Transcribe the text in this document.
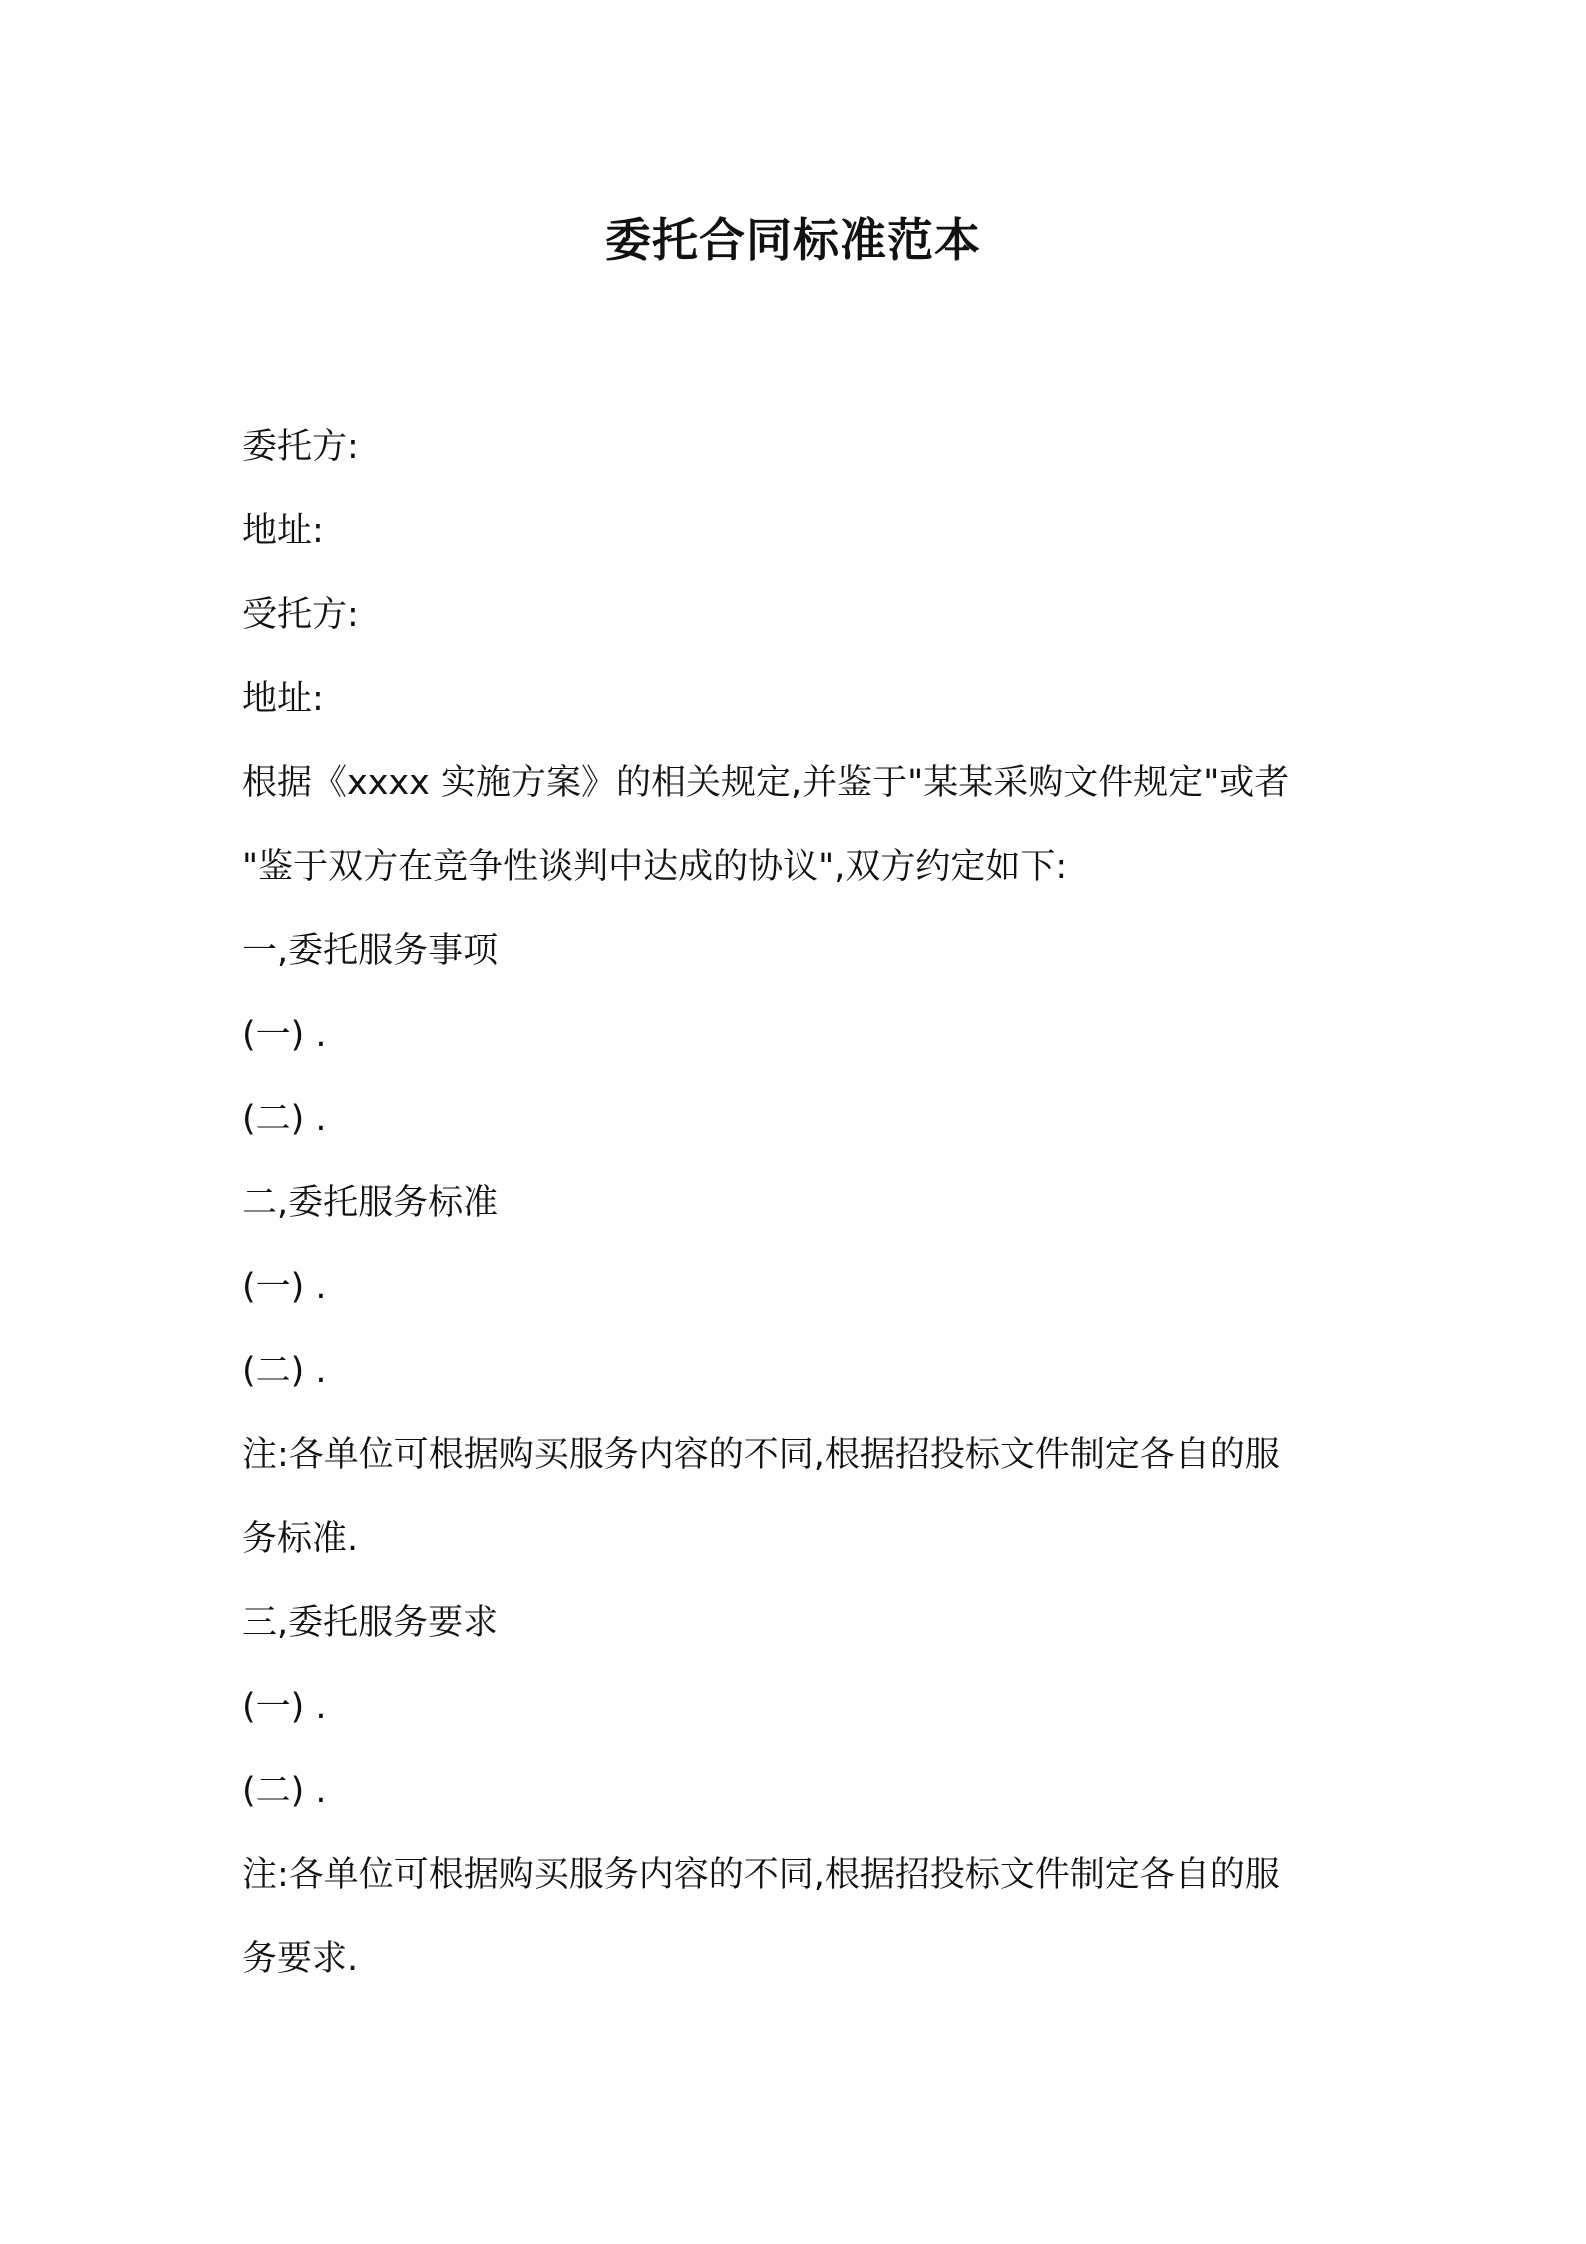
委托合同标准范本

委托方:

地址:

受托方:

地址:

根据《xxxx 实施方案》的相关规定,并鉴于"某某采购文件规定"或者

"鉴于双方在竞争性谈判中达成的协议",双方约定如下:

一,委托服务事项

(一) .

(二) .

二,委托服务标准

(一) .

(二) .

注:各单位可根据购买服务内容的不同,根据招投标文件制定各自的服

务标准.

三,委托服务要求

(一) .

(二) .

注:各单位可根据购买服务内容的不同,根据招投标文件制定各自的服

务要求.
